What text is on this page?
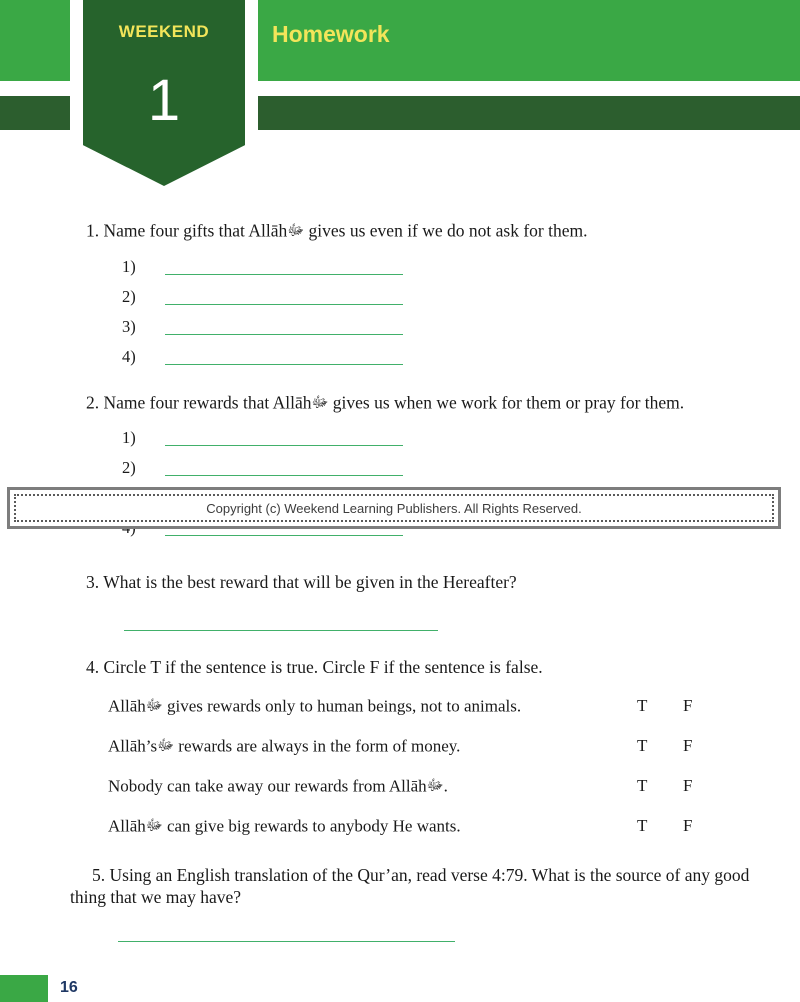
WEEKEND
1
Homework
1. Name four gifts that Allāhﷻ gives us even if we do not ask for them.
1)
2)
3)
4)
2. Name four rewards that Allāhﷻ gives us when we work for them or pray for them.
1)
2)
3. What is the best reward that will be given in the Hereafter?
4. Circle T if the sentence is true. Circle F if the sentence is false.
Allāhﷻ gives rewards only to human beings, not to animals.	T F
Allāh’sﷻ rewards are always in the form of money.	T F
Nobody can take away our rewards from Allāhﷻ.	T F
Allāhﷻ can give big rewards to anybody He wants.	T F
5. Using an English translation of the Qur’an, read verse 4:79. What is the source of any good
thing that we may have?
Copyright (c) Weekend Learning Publishers. All Rights Reserved.
16
